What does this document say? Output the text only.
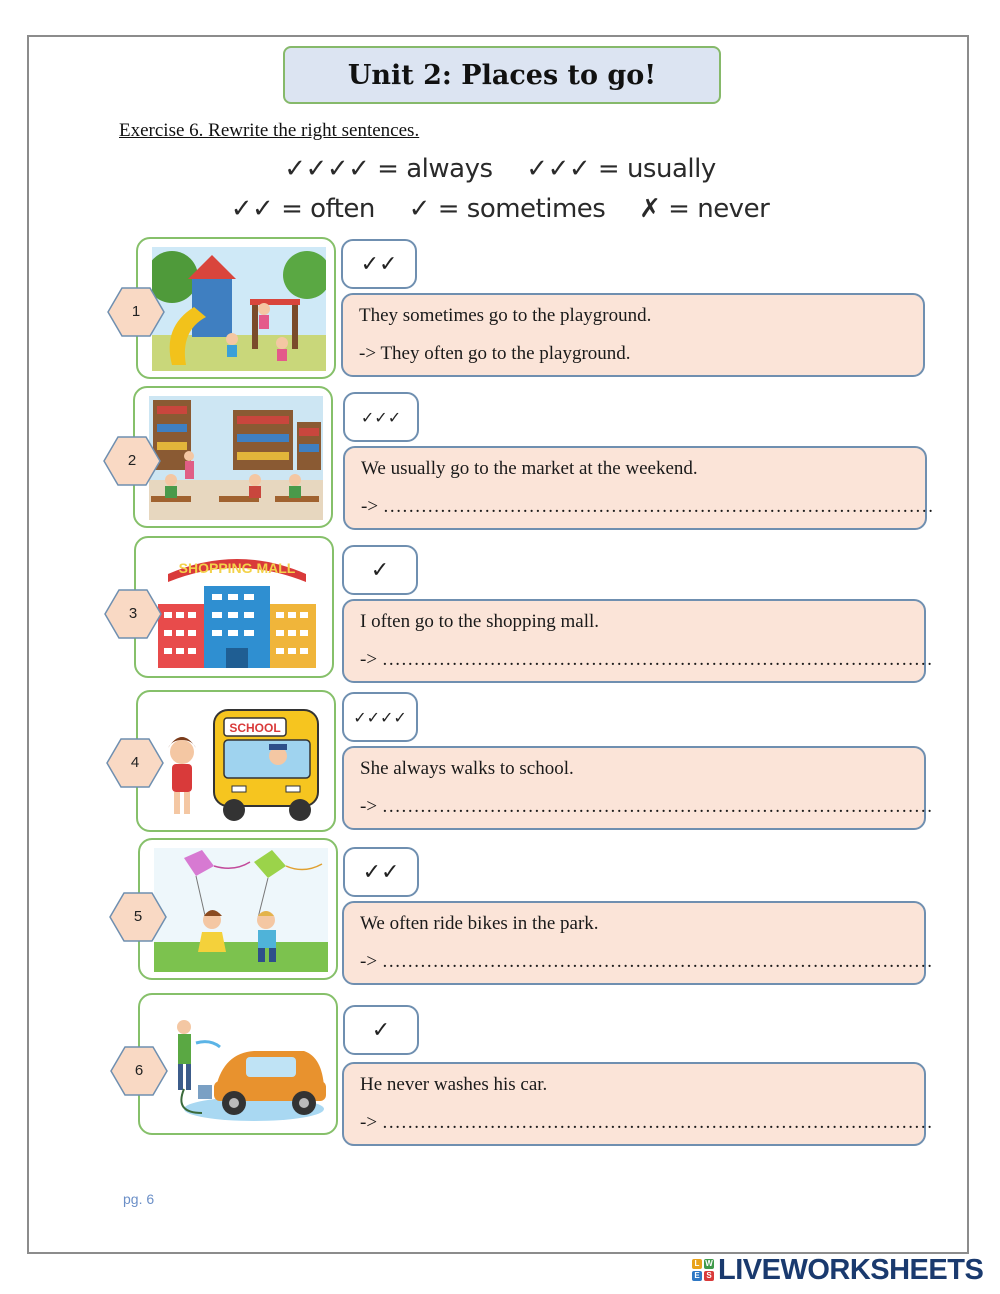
Unit 2: Places to go!
Exercise 6. Rewrite the right sentences.
✓✓✓✓ = always ✓✓✓ = usually
✓✓ = often ✓ = sometimes ✗ = never
1
✓✓
They sometimes go to the playground.
-> They often go to the playground.
2
✓✓✓
We usually go to the market at the weekend.
-> ……………………………………………………………………………
SHOPPING MALL
3
✓
I often go to the shopping mall.
-> ……………………………………………………………………………
SCHOOL
4
✓✓✓✓
She always walks to school.
-> ……………………………………………………………………………
5
✓✓
We often ride bikes in the park.
-> ……………………………………………………………………………
6
✓
He never washes his car.
-> ……………………………………………………………………………
pg. 6
L W
E S LIVEWORKSHEETS
